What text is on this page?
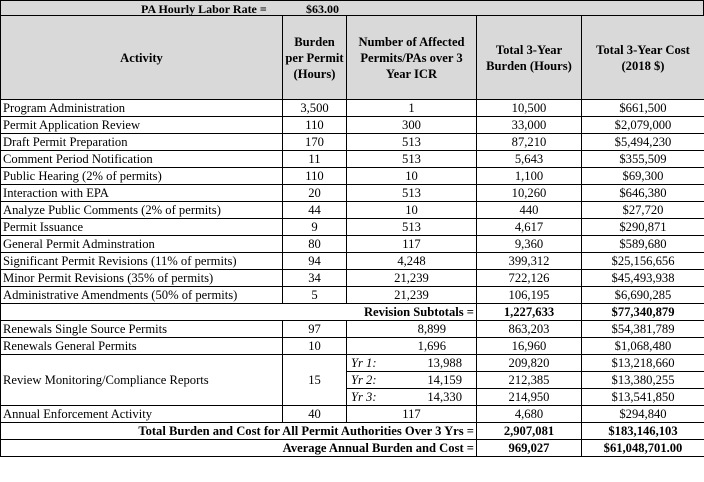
PA Hourly Labor Rate =	$63.00
Activity	Burden per Permit (Hours)	Number of Affected Permits/PAs over 3 Year ICR	Total 3-Year Burden (Hours)	Total 3-Year Cost (2018 $)
Program Administration	3,500	1	10,500	$661,500
Permit Application Review	110	300	33,000	$2,079,000
Draft Permit Preparation	170	513	87,210	$5,494,230
Comment Period Notification	11	513	5,643	$355,509
Public Hearing (2% of permits)	110	10	1,100	$69,300
Interaction with EPA	20	513	10,260	$646,380
Analyze Public Comments (2% of permits)	44	10	440	$27,720
Permit Issuance	9	513	4,617	$290,871
General Permit Adminstration	80	117	9,360	$589,680
Significant Permit Revisions (11% of permits)	94	4,248	399,312	$25,156,656
Minor Permit Revisions (35% of permits)	34	21,239	722,126	$45,493,938
Administrative Amendments (50% of permits)	5	21,239	106,195	$6,690,285
Revision Subtotals =			1,227,633	$77,340,879
Renewals Single Source Permits	97	8,899	863,203	$54,381,789
Renewals General Permits	10	1,696	16,960	$1,068,480
Review Monitoring/Compliance Reports	15	Yr 1: 13,988	209,820	$13,218,660

		Yr 2: 14,159	212,385	$13,380,255

		Yr 3: 14,330	214,950	$13,541,850
Annual Enforcement Activity	40	117	4,680	$294,840
Total Burden and Cost for All Permit Authorities Over 3 Yrs =			2,907,081	$183,146,103
Average Annual Burden and Cost =			969,027	$61,048,701.00
